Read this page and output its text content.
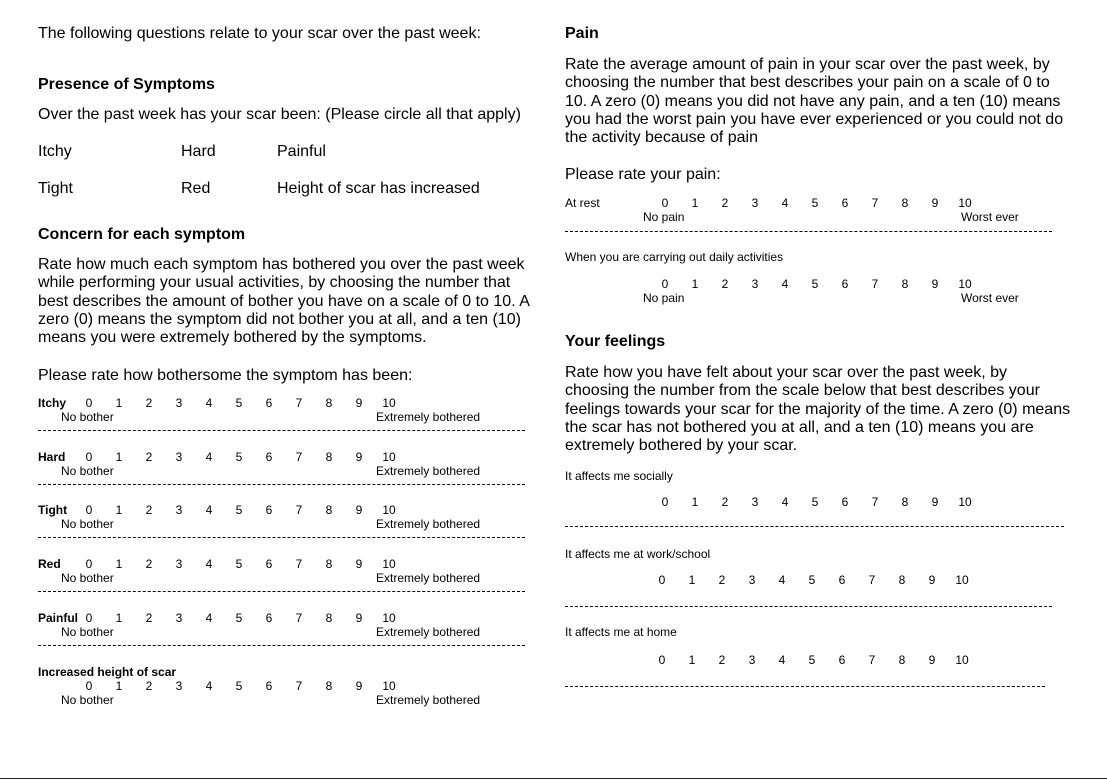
The following questions relate to your scar over the past week:
Presence of Symptoms
Over the past week has your scar been: (Please circle all that apply)
Itchy	Hard	Painful
Tight	Red	Height of scar has increased
Concern for each symptom
Rate how much each symptom has bothered you over the past week while performing your usual activities, by choosing the number that best describes the amount of bother you have on a scale of 0 to 10. A zero (0) means the symptom did not bother you at all, and a ten (10) means you were extremely bothered by the symptoms.
Please rate how bothersome the symptom has been:
Itchy	0	1	2	3	4	5	6	7	8	9	10
No bother	Extremely bothered
Hard	0	1	2	3	4	5	6	7	8	9	10
No bother	Extremely bothered
Tight	0	1	2	3	4	5	6	7	8	9	10
No bother	Extremely bothered
Red	0	1	2	3	4	5	6	7	8	9	10
No bother	Extremely bothered
Painful 0	1	2	3	4	5	6	7	8	9	10
No bother	Extremely bothered
Increased height of scar
0	1	2	3	4	5	6	7	8	9	10
No bother	Extremely bothered
Pain
Rate the average amount of pain in your scar over the past week, by choosing the number that best describes your pain on a scale of 0 to 10. A zero (0) means you did not have any pain, and a ten (10) means you had the worst pain you have ever experienced or you could not do the activity because of pain
Please rate your pain:
At rest	0	1	2	3	4	5	6	7	8	9	10
No pain	Worst ever
When you are carrying out daily activities
0	1	2	3	4	5	6	7	8	9	10
No pain	Worst ever
Your feelings
Rate how you have felt about your scar over the past week, by choosing the number from the scale below that best describes your feelings towards your scar for the majority of the time. A zero (0) means the scar has not bothered you at all, and a ten (10) means you are extremely bothered by your scar.
It affects me socially
0	1	2	3	4	5	6	7	8	9	10
It affects me at work/school
0	1	2	3	4	5	6	7	8	9	10
It affects me at home
0	1	2	3	4	5	6	7	8	9	10
